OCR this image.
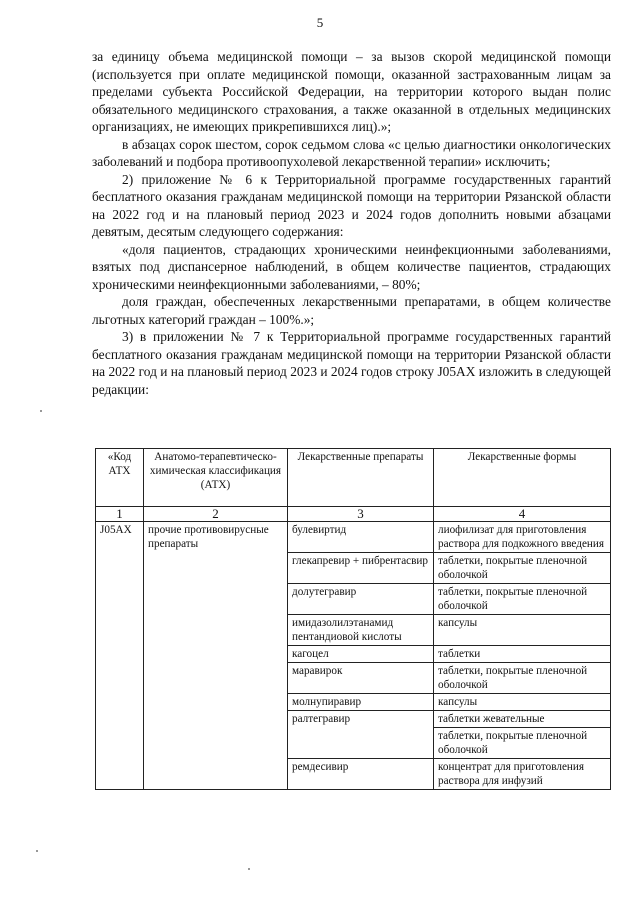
5

за единицу объема медицинской помощи – за вызов скорой медицинской помощи (используется при оплате медицинской помощи, оказанной застрахованным лицам за пределами субъекта Российской Федерации, на территории которого выдан полис обязательного медицинского страхования, а также оказанной в отдельных медицинских организациях, не имеющих прикрепившихся лиц).»;

в абзацах сорок шестом, сорок седьмом слова «с целью диагностики онкологических заболеваний и подбора противоопухолевой лекарственной терапии» исключить;

2) приложение № 6 к Территориальной программе государственных гарантий бесплатного оказания гражданам медицинской помощи на территории Рязанской области на 2022 год и на плановый период 2023 и 2024 годов дополнить новыми абзацами девятым, десятым следующего содержания:

«доля пациентов, страдающих хроническими неинфекционными заболеваниями, взятых под диспансерное наблюдений, в общем количестве пациентов, страдающих хроническими неинфекционными заболеваниями, – 80%;

доля граждан, обеспеченных лекарственными препаратами, в общем количестве льготных категорий граждан – 100%.»;

3) в приложении № 7 к Территориальной программе государственных гарантий бесплатного оказания гражданам медицинской помощи на территории Рязанской области на 2022 год и на плановый период 2023 и 2024 годов строку J05AX изложить в следующей редакции:

«Код АТХ	Анатомо-терапевтическо-химическая классификация (АТХ)	Лекарственные препараты	Лекарственные формы
1	2	3	4
J05AX	прочие противовирусные препараты	булевиртид	лиофилизат для приготовления раствора для подкожного введения
		глекапревир + пибрентасвир	таблетки, покрытые пленочной оболочкой
		долутегравир	таблетки, покрытые пленочной оболочкой
		имидазолилэтанамид пентандиовой кислоты	капсулы
		кагоцел	таблетки
		маравирок	таблетки, покрытые пленочной оболочкой
		молнупиравир	капсулы
		ралтегравир	таблетки жевательные
			таблетки, покрытые пленочной оболочкой
		ремдесивир	концентрат для приготовления раствора для инфузий
